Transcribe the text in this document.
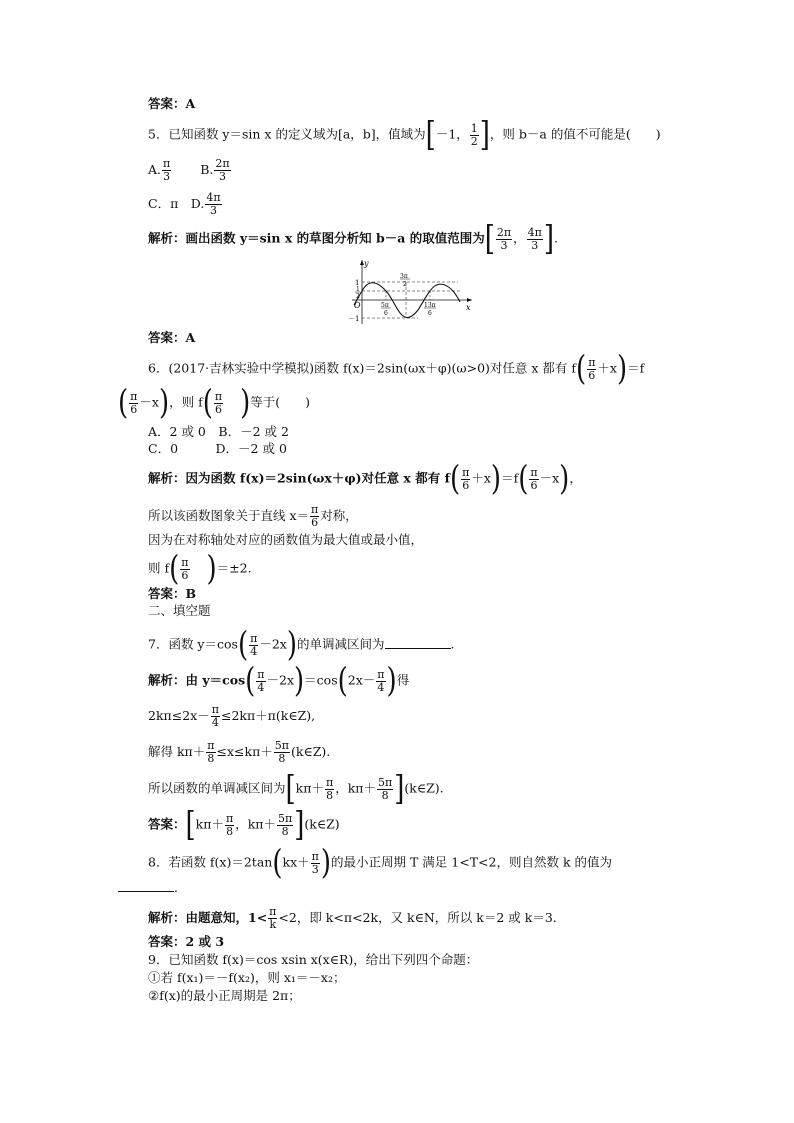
答案：A
5．已知函数 y＝sin x 的定义域为[a，b]，值域为[－1， $\frac{1}{2}$ ]，则 b－a 的值不可能是(　　)
A. $\frac{\pi}{3} B$. $\frac{2\pi}{3}$
C．π　D. $\frac{4\pi}{3}$
解析：画出函数 y＝sin x 的草图分析知 b－a 的取值范围为[ $\frac{2\pi}{3}$ ， $\frac{4\pi}{3}$ ].
y
x
O
1
1
2
－1
3π
2
5π
6
13π
6
答案：A
6．(2017·吉林实验中学模拟)函数 f(x)＝2sin(ωx＋φ)(ω>0)对任意 x 都有 $f( \frac{\pi}{6} +x)=f$
( $\frac{\pi}{6} -x$)，则 $f( \frac{\pi}{6}$ )等于(　　)
A．2 或 0　B．－2 或 2
C．0　　　D．－2 或 0
解析：因为函数 f(x)＝2sin(ωx＋φ)对任意 x 都有 $f( \frac{\pi}{6} +x)=f( \frac{\pi}{6} -x)$，
所以该函数图象关于直线 $x= \frac{\pi}{6}$ 对称，
因为在对称轴处对应的函数值为最大值或最小值，
则 $f( \frac{\pi}{6} )=\pm 2$.
答案：B
二、填空题
7．函数 $y=\cos( \frac{\pi}{4} -2x)$的单调减区间为	.
解析：由 $y=\cos( \frac{\pi}{4} -2x)=\cos(2x- \frac{\pi}{4}$ )得
$2k\pi\le 2x- \frac{\pi}{4}$ ≤2kπ＋π(k∈Z),
解得 $k\pi+ \frac{\pi}{8} \le x\le k\pi+ \frac{5\pi}{8}$ (k∈Z).
所以函数的单调减区间为[$k\pi+ \frac{\pi}{8}$ ，$k\pi+ \frac{5\pi}{8}$ ](k∈Z).
答案：[$k\pi+ \frac{\pi}{8}$ ，$k\pi+ \frac{5\pi}{8}$ ](k∈Z)
8．若函数 $f(x)=2\tan(kx+ \frac{\pi}{3}$ )的最小正周期 T 满足 1<T<2，则自然数 k 的值为
.
解析：由题意知，$1< \frac{\pi}{k} <2$，即 k<π<2k，又 k∈N，所以 k＝2 或 k＝3.
答案：2 或 3
9．已知函数 f(x)＝cos xsin x(x∈R)，给出下列四个命题：
①若 f(x₁)＝－f(x₂)，则 x₁＝－x₂；
②f(x)的最小正周期是 2π；
